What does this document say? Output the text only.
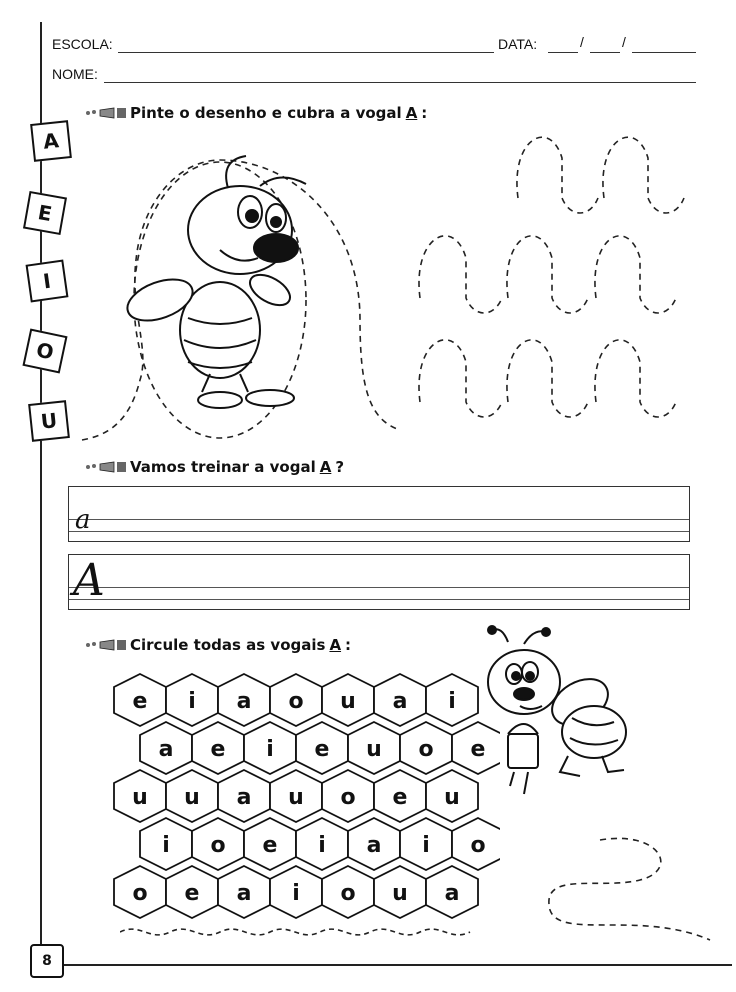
ESCOLA:	DATA:	/	/
NOME:
A
E
I
O
U
Pinte o desenho e cubra a vogal A :
Vamos treinar a vogal A ?
a
A
Circule todas as vogais A :
e i a o u a i
a e i e u o e
u u a u o e u
i o e i a i o
o e a i o u a
8
